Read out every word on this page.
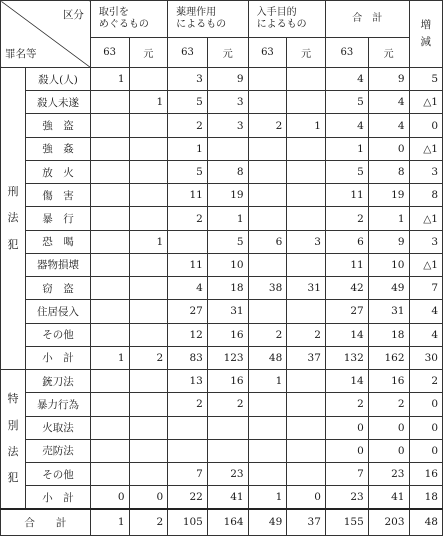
区分
罪名等		取引を
めぐるもの		薬理作用
によるもの		入手目的
によるもの		合　計		増
減

		63	元	63	元	63	元	63	元	

刑
法
犯	殺人(人)	1		3	9			4	9	5
	殺人未遂		1	5	3			5	4	△1
	強　盗			2	3	2	1	4	4	0
	強　姦			1				1	0	△1
	放　火			5	8			5	8	3
	傷　害			11	19			11	19	8
	暴　行			2	1			2	1	△1
	恐　喝		1		5	6	3	6	9	3
	器物損壊			11	10			11	10	△1
	窃　盗			4	18	38	31	42	49	7
	住居侵入			27	31			27	31	4
	その他			12	16	2	2	14	18	4
	小　計	1	2	83	123	48	37	132	162	30

特
別
法
犯	銃刀法			13	16	1		14	16	2
	暴力行為			2	2			2	2	0
	火取法							0	0	0
	売防法							0	0	0
	その他			7	23			7	23	16
	小　計	0	0	22	41	1	0	23	41	18
合　　計		1	2	105	164	49	37	155	203	48
